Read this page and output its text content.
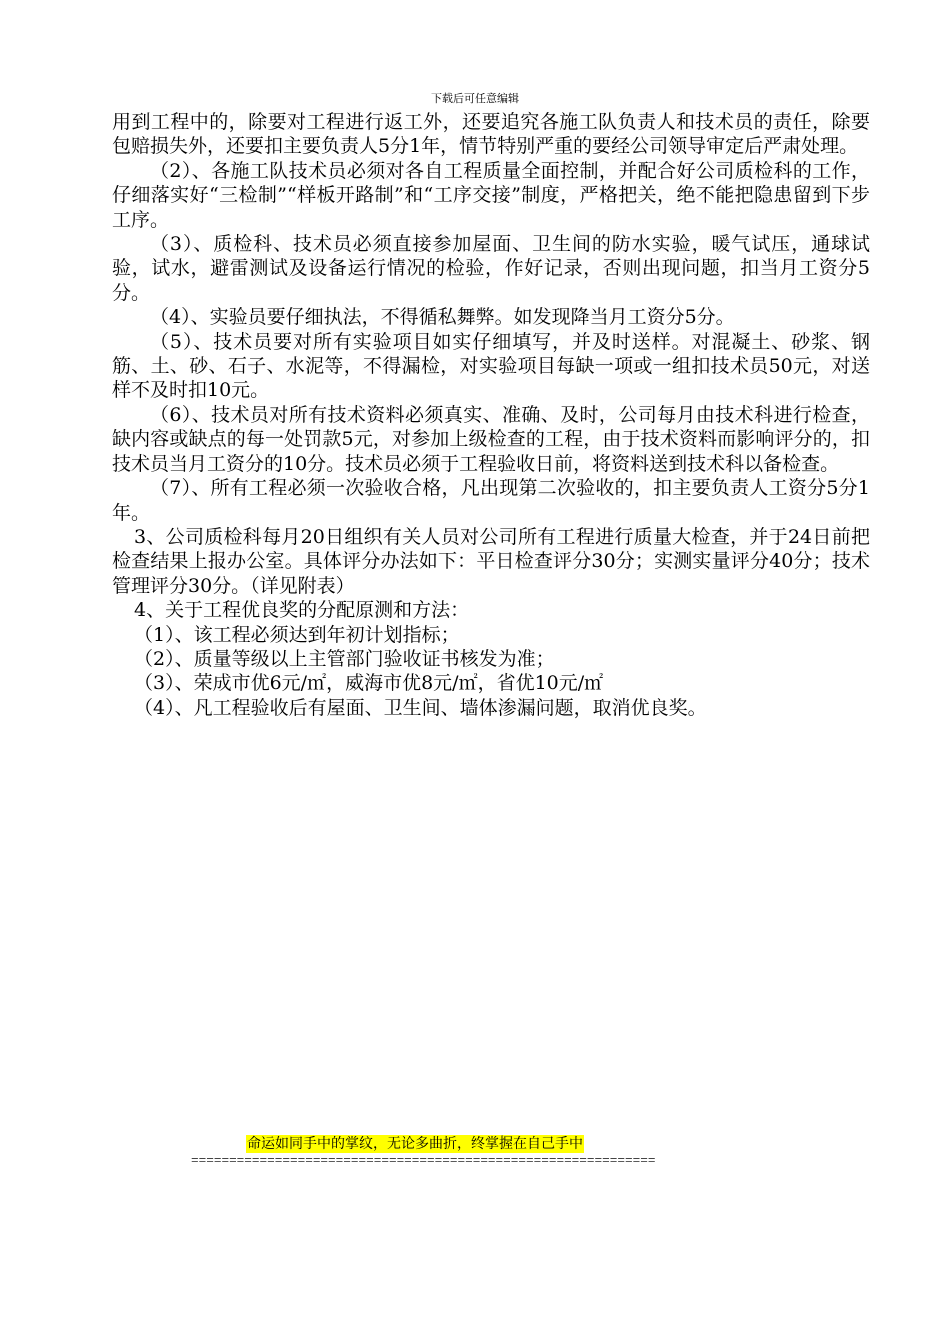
下载后可任意编辑

用到工程中的，除要对工程进行返工外，还要追究各施工队负责人和技术员的责任，除要包赔损失外，还要扣主要负责人5分1年，情节特别严重的要经公司领导审定后严肃处理。

（2）、各施工队技术员必须对各自工程质量全面控制，并配合好公司质检科的工作，仔细落实好“三检制”“样板开路制”和“工序交接”制度，严格把关，绝不能把隐患留到下步工序。

（3）、质检科、技术员必须直接参加屋面、卫生间的防水实验，暖气试压，通球试验，试水，避雷测试及设备运行情况的检验，作好记录，否则出现问题，扣当月工资分5分。

（4）、实验员要仔细执法，不得循私舞弊。如发现降当月工资分5分。

（5）、技术员要对所有实验项目如实仔细填写，并及时送样。对混凝土、砂浆、钢筋、土、砂、石子、水泥等，不得漏检，对实验项目每缺一项或一组扣技术员50元，对送样不及时扣10元。

（6）、技术员对所有技术资料必须真实、准确、及时，公司每月由技术科进行检查，缺内容或缺点的每一处罚款5元，对参加上级检查的工程，由于技术资料而影响评分的，扣技术员当月工资分的10分。技术员必须于工程验收日前，将资料送到技术科以备检查。

（7）、所有工程必须一次验收合格，凡出现第二次验收的，扣主要负责人工资分5分1年。

3、公司质检科每月20日组织有关人员对公司所有工程进行质量大检查，并于24日前把检查结果上报办公室。具体评分办法如下：平日检查评分30分；实测实量评分40分；技术管理评分30分。（详见附表）

4、关于工程优良奖的分配原测和方法：

（1）、该工程必须达到年初计划指标；

（2）、质量等级以上主管部门验收证书核发为准；

（3）、荣成市优6元/㎡，威海市优8元/㎡，省优10元/㎡

（4）、凡工程验收后有屋面、卫生间、墙体渗漏问题，取消优良奖。

命运如同手中的掌纹，无论多曲折，终掌握在自己手中
=============================================================
